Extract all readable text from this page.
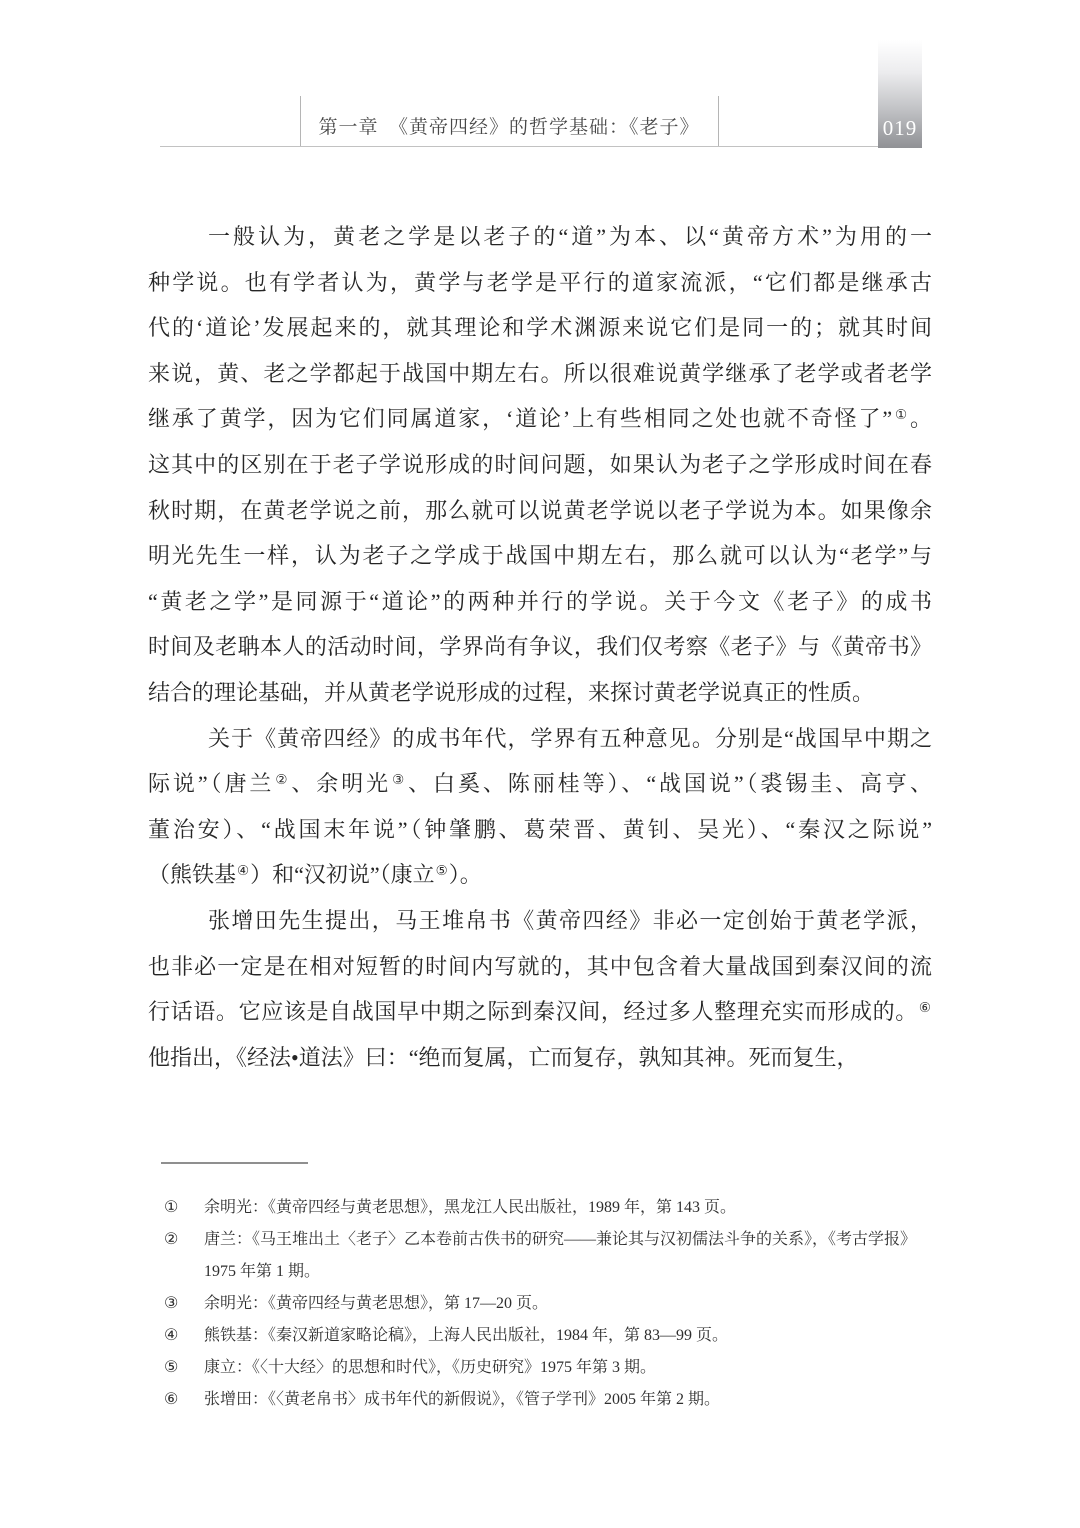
第一章　《黄帝四经》的哲学基础：《老子》	019
一般认为，黄老之学是以老子的“道”为本、以“黄帝方术”为用的一
种学说。也有学者认为，黄学与老学是平行的道家流派，“它们都是继承古
代的‘道论’发展起来的，就其理论和学术渊源来说它们是同一的；就其时间
来说，黄、老之学都起于战国中期左右。所以很难说黄学继承了老学或者老学
继承了黄学，因为它们同属道家，‘道论’上有些相同之处也就不奇怪了”①。
这其中的区别在于老子学说形成的时间问题，如果认为老子之学形成时间在春
秋时期，在黄老学说之前，那么就可以说黄老学说以老子学说为本。如果像余
明光先生一样，认为老子之学成于战国中期左右，那么就可以认为“老学”与
“黄老之学”是同源于“道论”的两种并行的学说。关于今文《老子》的成书
时间及老聃本人的活动时间，学界尚有争议，我们仅考察《老子》与《黄帝书》
结合的理论基础，并从黄老学说形成的过程，来探讨黄老学说真正的性质。
关于《黄帝四经》的成书年代，学界有五种意见。分别是“战国早中期之
际说”（唐兰②、余明光③、白奚、陈丽桂等）、“战国说”（裘锡圭、高亨、
董治安）、“战国末年说”（钟肇鹏、葛荣晋、黄钊、吴光）、“秦汉之际说”
（熊铁基④）和“汉初说”（康立⑤）。
张增田先生提出，马王堆帛书《黄帝四经》非必一定创始于黄老学派，
也非必一定是在相对短暂的时间内写就的，其中包含着大量战国到秦汉间的流
行话语。它应该是自战国早中期之际到秦汉间，经过多人整理充实而形成的。⑥
他指出，《经法•道法》曰：“绝而复属，亡而复存，孰知其神。死而复生，
①	余明光：《黄帝四经与黄老思想》，黑龙江人民出版社，1989 年，第 143 页。
②	唐兰：《马王堆出土〈老子〉乙本卷前古佚书的研究——兼论其与汉初儒法斗争的关系》，《考古学报》
1975 年第 1 期。
③	余明光：《黄帝四经与黄老思想》，第 17—20 页。
④	熊铁基：《秦汉新道家略论稿》，上海人民出版社，1984 年，第 83—99 页。
⑤	康立：《〈十大经〉的思想和时代》，《历史研究》1975 年第 3 期。
⑥	张增田：《〈黄老帛书〉成书年代的新假说》，《管子学刊》2005 年第 2 期。
